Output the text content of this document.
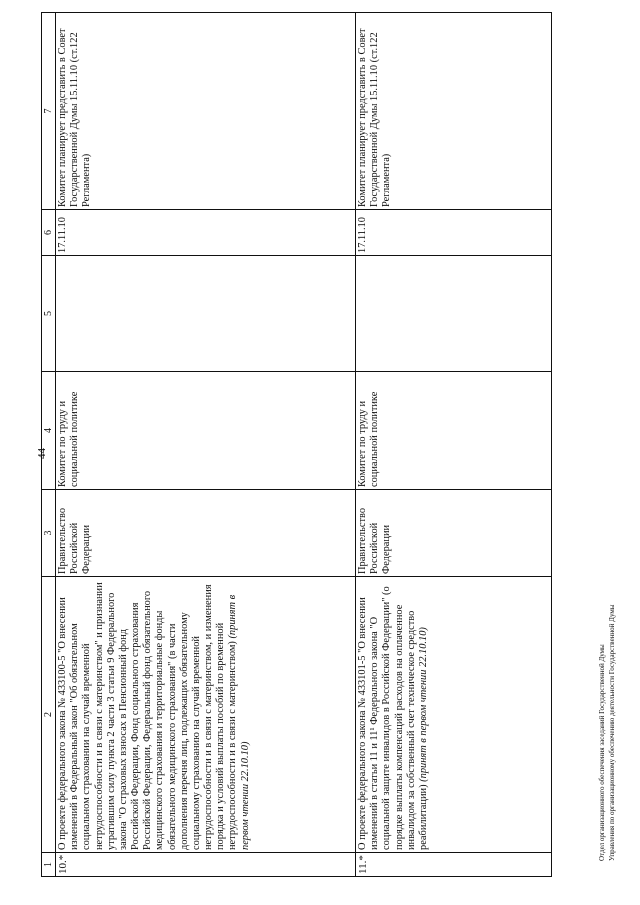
44
1	2	3	4	5	6	7
10.*	О проекте федерального закона № 433100-5 "О внесении изменений в Федеральный закон "Об обязательном социальном страховании на случай временной нетрудоспособности и в связи с материнством" и признании утратившим силу пункта 2 части 3 статьи 9 Федерального закона "О страховых взносах в Пенсионный фонд Российской Федерации, Фонд социального страхования Российской Федерации, Федеральный фонд обязательного медицинского страхования и территориальные фонды обязательного медицинского страхования" (в части дополнения перечня лиц, подлежащих обязательному социальному страхованию на случай временной нетрудоспособности и в связи с материнством, и изменения порядка и условий выплаты пособий по временной нетрудоспособности и в связи с материнством) (принят в первом чтении 22.10.10)	Правительство Российской Федерации	Комитет по труду и социальной политике		17.11.10	Комитет планирует представить в Совет Государственной Думы 15.11.10 (ст.122 Регламента)
11.*	О проекте федерального закона № 433101-5 "О внесении изменений в статьи 11 и 11¹ Федерального закона "О социальной защите инвалидов в Российской Федерации" (о порядке выплаты компенсаций расходов на оплаченное инвалидом за собственный счет техническое средство реабилитации) (принят в первом чтении 22.10.10)	Правительство Российской Федерации	Комитет по труду и социальной политике		17.11.10	Комитет планирует представить в Совет Государственной Думы 15.11.10 (ст.122 Регламента)
Отдел организационного обеспечения заседаний Государственной Думы Управления по организационному обеспечению деятельности Государственной Думы
